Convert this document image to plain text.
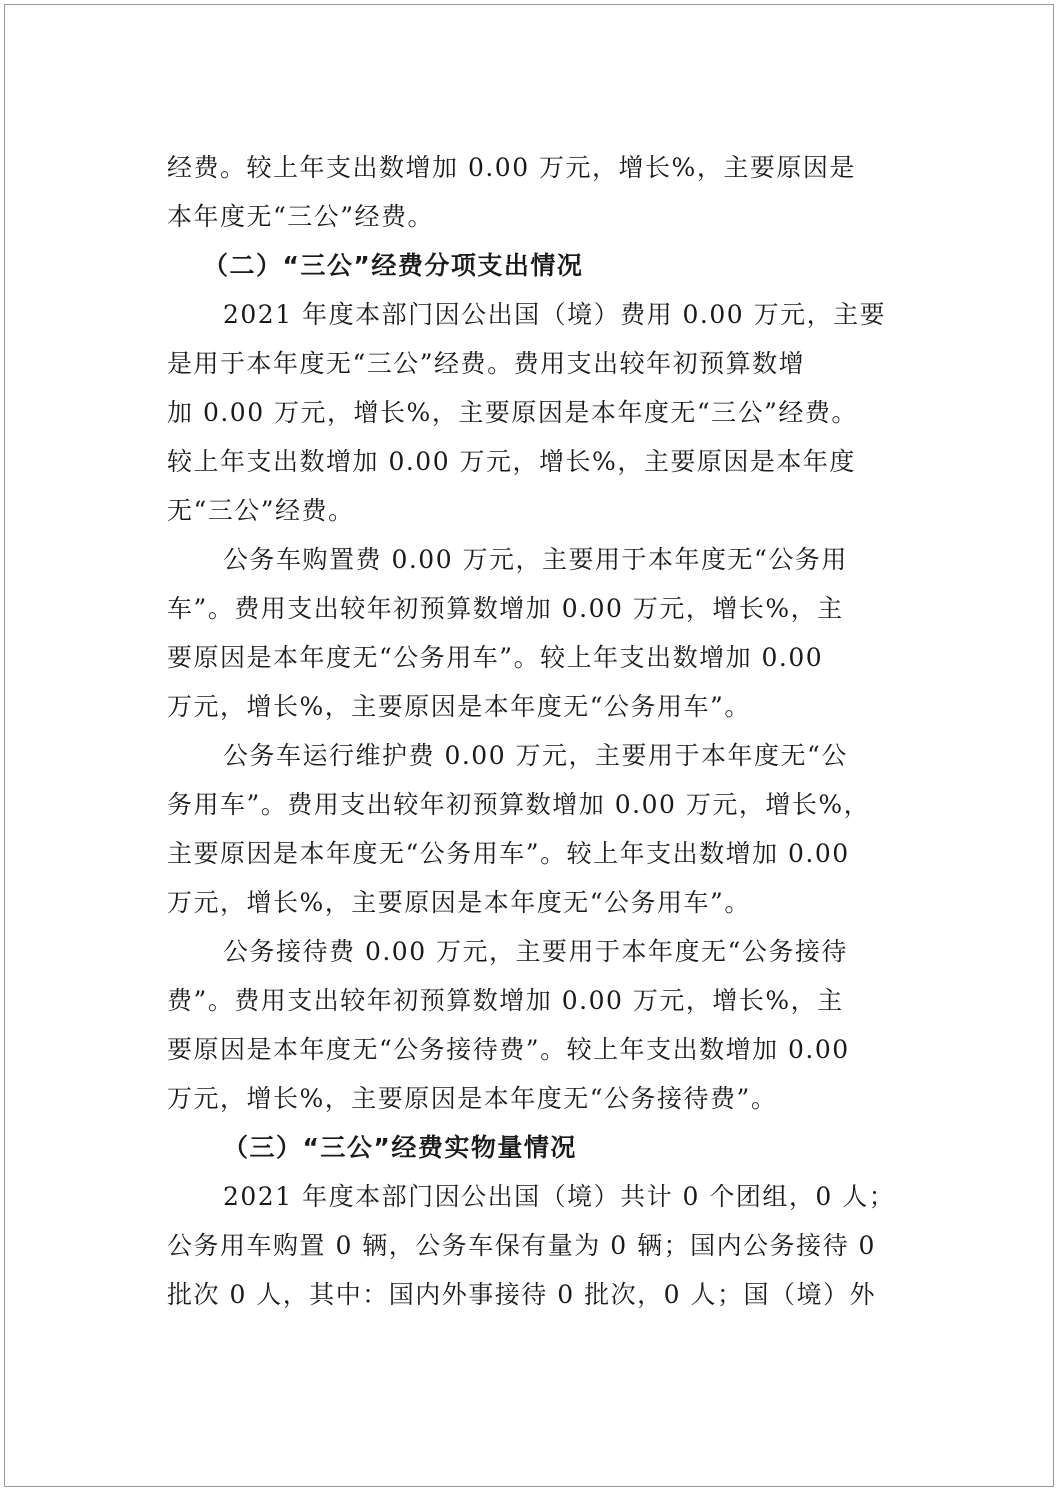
经费。较上年支出数增加 0.00 万元，增长%，主要原因是
本年度无“三公”经费。
（二）“三公”经费分项支出情况
2021 年度本部门因公出国（境）费用 0.00 万元，主要
是用于本年度无“三公”经费。费用支出较年初预算数增
加 0.00 万元，增长%，主要原因是本年度无“三公”经费。
较上年支出数增加 0.00 万元，增长%，主要原因是本年度
无“三公”经费。
公务车购置费 0.00 万元，主要用于本年度无“公务用
车”。费用支出较年初预算数增加 0.00 万元，增长%，主
要原因是本年度无“公务用车”。较上年支出数增加 0.00
万元，增长%，主要原因是本年度无“公务用车”。
公务车运行维护费 0.00 万元，主要用于本年度无“公
务用车”。费用支出较年初预算数增加 0.00 万元，增长%，
主要原因是本年度无“公务用车”。较上年支出数增加 0.00
万元，增长%，主要原因是本年度无“公务用车”。
公务接待费 0.00 万元，主要用于本年度无“公务接待
费”。费用支出较年初预算数增加 0.00 万元，增长%，主
要原因是本年度无“公务接待费”。较上年支出数增加 0.00
万元，增长%，主要原因是本年度无“公务接待费”。
（三）“三公”经费实物量情况
2021 年度本部门因公出国（境）共计 0 个团组，0 人；
公务用车购置 0 辆，公务车保有量为 0 辆；国内公务接待 0
批次 0 人，其中：国内外事接待 0 批次，0 人；国（境）外
